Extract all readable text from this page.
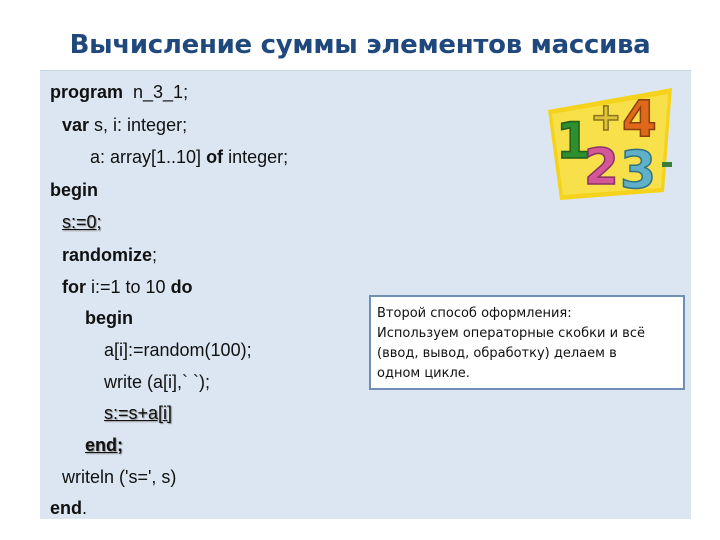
Вычисление суммы элементов массива
program  n_3_1;
var s, i: integer;
a: array[1..10] of integer;
begin
s:=0;
randomize;
for i:=1 to 10 do
begin
a[i]:=random(100);
write (a[i],` `);
s:=s+a[i]
end;
writeln ('s=', s)
end.
1 + 4
2 3
Второй способ оформления:
Используем операторные скобки и всё
(ввод, вывод, обработку) делаем в
одном цикле.
